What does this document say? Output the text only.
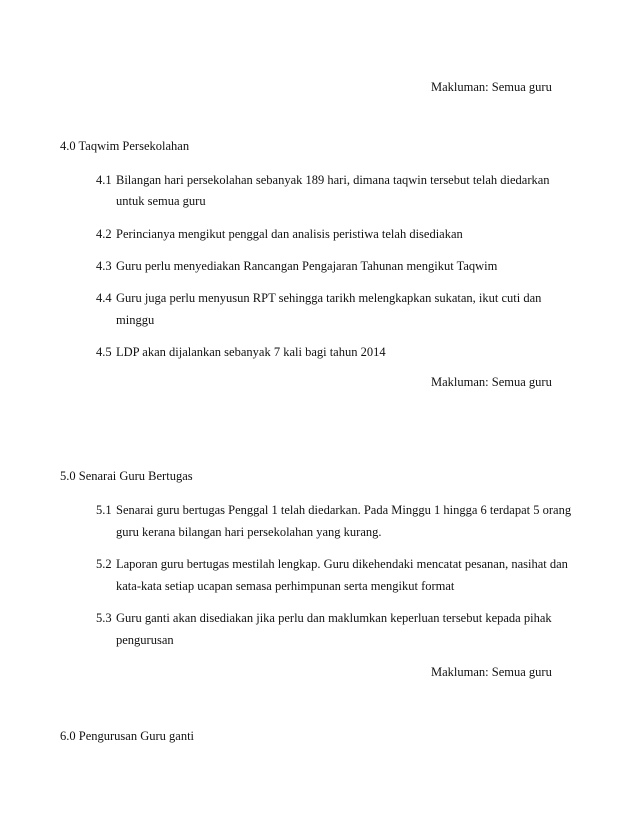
Makluman: Semua guru
4.0 Taqwim Persekolahan
4.1 Bilangan hari persekolahan sebanyak 189 hari, dimana taqwin tersebut telah diedarkan
untuk semua guru
4.2 Perincianya mengikut penggal dan analisis peristiwa telah disediakan
4.3 Guru perlu menyediakan Rancangan Pengajaran Tahunan mengikut Taqwim
4.4 Guru juga perlu menyusun RPT sehingga tarikh melengkapkan sukatan, ikut cuti dan
minggu
4.5 LDP akan dijalankan sebanyak 7 kali bagi tahun 2014
Makluman: Semua guru
5.0 Senarai Guru Bertugas
5.1 Senarai guru bertugas Penggal 1 telah diedarkan. Pada Minggu 1 hingga 6 terdapat 5 orang
guru kerana bilangan hari persekolahan yang kurang.
5.2 Laporan guru bertugas mestilah lengkap. Guru dikehendaki mencatat pesanan, nasihat dan
kata-kata setiap ucapan semasa perhimpunan serta mengikut format
5.3 Guru ganti akan disediakan jika perlu dan maklumkan keperluan tersebut kepada pihak
pengurusan
Makluman: Semua guru
6.0 Pengurusan Guru ganti
